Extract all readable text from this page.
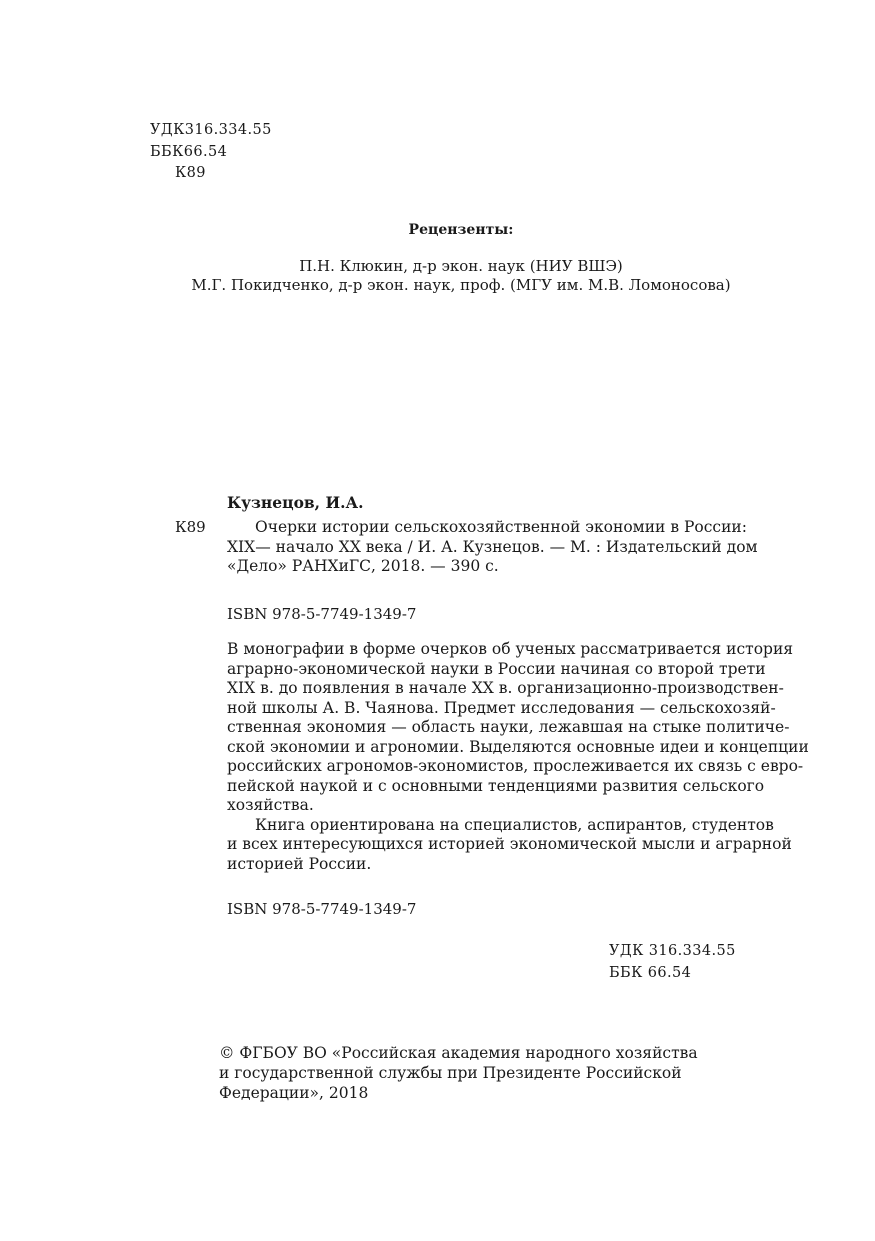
УДК316.334.55
ББК66.54
К89
Рецензенты:
П.Н. Клюкин, д-р экон. наук (НИУ ВШЭ)
М.Г. Покидченко, д-р экон. наук, проф. (МГУ им. М.В. Ломоносова)
Кузнецов, И.А.
К89	Очерки истории сельскохозяйственной экономии в России:
XIX— начало XX века / И. А. Кузнецов. — М. : Издательский дом
«Дело» РАНХиГС, 2018. — 390 с.
ISBN 978-5-7749-1349-7
В монографии в форме очерков об ученых рассматривается история
аграрно-экономической науки в России начиная со второй трети
XIX в. до появления в начале XX в. организационно-производствен-
ной школы А. В. Чаянова. Предмет исследования — сельскохозяй-
ственная экономия — область науки, лежавшая на стыке политиче-
ской экономии и агрономии. Выделяются основные идеи и концепции
российских агрономов-экономистов, прослеживается их связь с евро-
пейской наукой и с основными тенденциями развития сельского
хозяйства.
Книга ориентирована на специалистов, аспирантов, студентов
и всех интересующихся историей экономической мысли и аграрной
историей России.
ISBN 978-5-7749-1349-7
УДК 316.334.55
ББК 66.54
© ФГБОУ ВО «Российская академия народного хозяйства
и государственной службы при Президенте Российской
Федерации», 2018
